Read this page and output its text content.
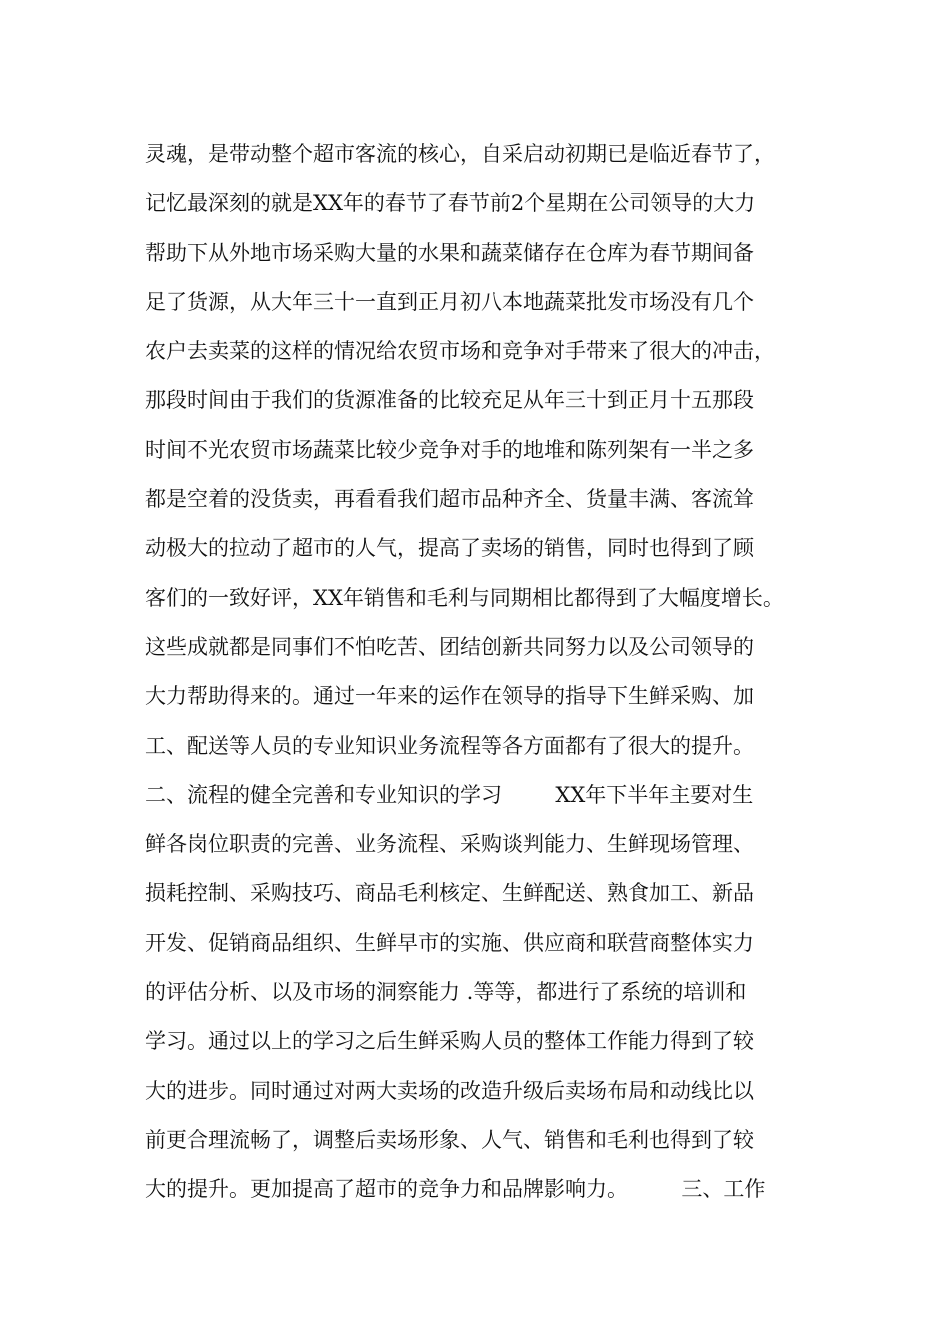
灵魂，是带动整个超市客流的核心，自采启动初期已是临近春节了，
记忆最深刻的就是XX年的春节了春节前2个星期在公司领导的大力
帮助下从外地市场采购大量的水果和蔬菜储存在仓库为春节期间备
足了货源，从大年三十一直到正月初八本地蔬菜批发市场没有几个
农户去卖菜的这样的情况给农贸市场和竞争对手带来了很大的冲击，
那段时间由于我们的货源准备的比较充足从年三十到正月十五那段
时间不光农贸市场蔬菜比较少竞争对手的地堆和陈列架有一半之多
都是空着的没货卖，再看看我们超市品种齐全、货量丰满、客流耸
动极大的拉动了超市的人气，提高了卖场的销售，同时也得到了顾
客们的一致好评，XX年销售和毛利与同期相比都得到了大幅度增长。
这些成就都是同事们不怕吃苦、团结创新共同努力以及公司领导的
大力帮助得来的。通过一年来的运作在领导的指导下生鲜采购、加
工、配送等人员的专业知识业务流程等各方面都有了很大的提升。
二、流程的健全完善和专业知识的学习        XX年下半年主要对生
鲜各岗位职责的完善、业务流程、采购谈判能力、生鲜现场管理、
损耗控制、采购技巧、商品毛利核定、生鲜配送、熟食加工、新品
开发、促销商品组织、生鲜早市的实施、供应商和联营商整体实力
的评估分析、以及市场的洞察能力 .等等，都进行了系统的培训和
学习。通过以上的学习之后生鲜采购人员的整体工作能力得到了较
大的进步。同时通过对两大卖场的改造升级后卖场布局和动线比以
前更合理流畅了，调整后卖场形象、人气、销售和毛利也得到了较
大的提升。更加提高了超市的竞争力和品牌影响力。        三、工作
